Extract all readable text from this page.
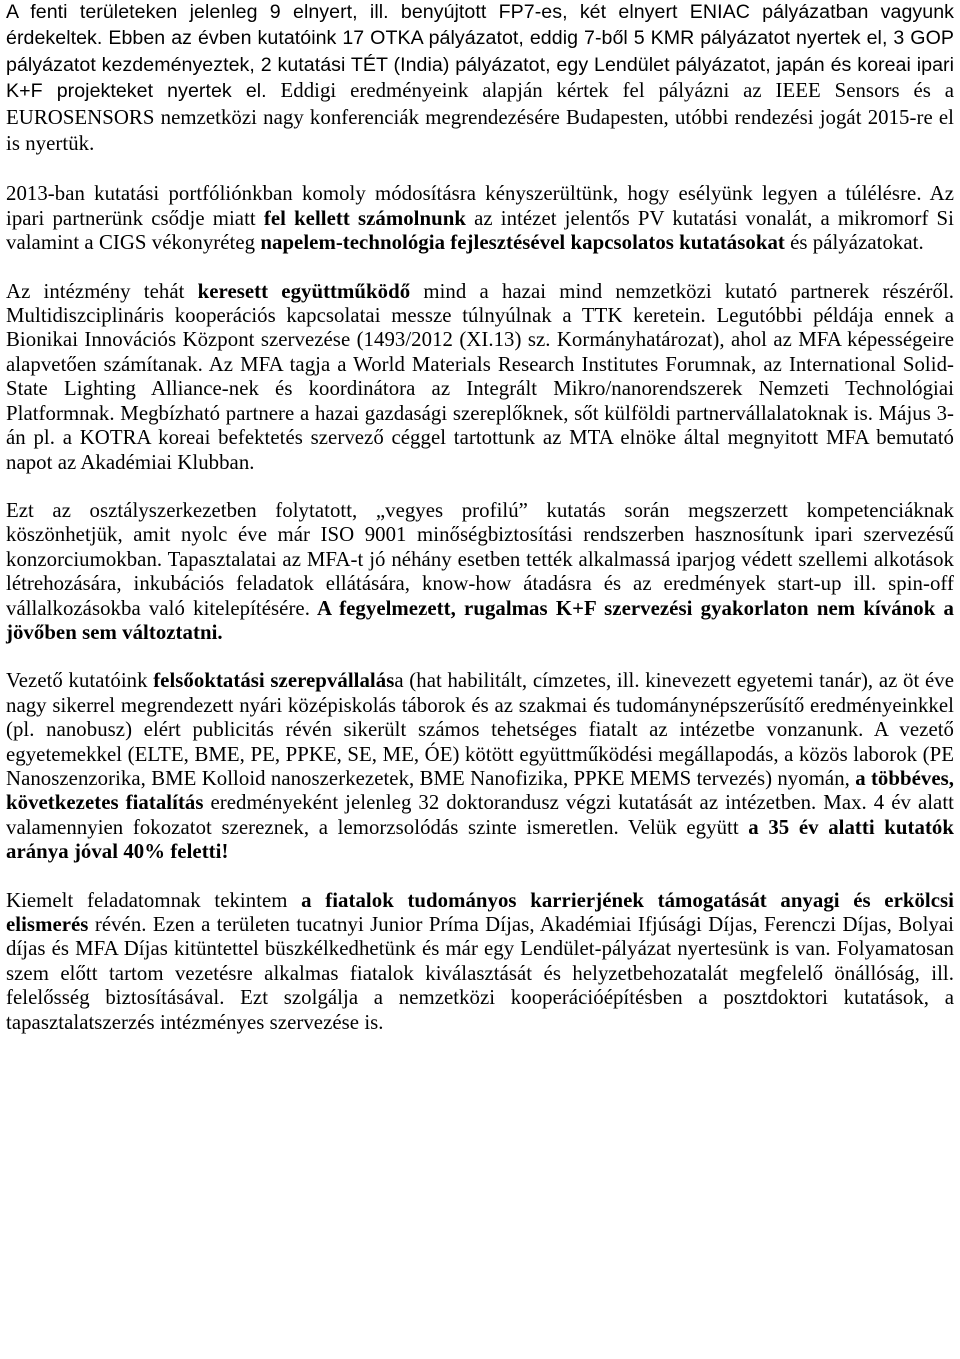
A fenti területeken jelenleg 9 elnyert, ill. benyújtott FP7-es, két elnyert ENIAC pályázatban vagyunk érdekeltek. Ebben az évben kutatóink 17 OTKA pályázatot, eddig 7-ből 5 KMR pályázatot nyertek el, 3 GOP pályázatot kezdeményeztek, 2 kutatási TÉT (India) pályázatot, egy Lendület pályázatot, japán és koreai ipari K+F projekteket nyertek el. Eddigi eredményeink alapján kértek fel pályázni az IEEE Sensors és a EUROSENSORS nemzetközi nagy konferenciák megrendezésére Budapesten, utóbbi rendezési jogát 2015-re el is nyertük.

2013-ban kutatási portfóliónkban komoly módosításra kényszerültünk, hogy esélyünk legyen a túlélésre. Az ipari partnerünk csődje miatt fel kellett számolnunk az intézet jelentős PV kutatási vonalát, a mikromorf Si valamint a CIGS vékonyréteg napelem-technológia fejlesztésével kapcsolatos kutatásokat és pályázatokat.

Az intézmény tehát keresett együttműködő mind a hazai mind nemzetközi kutató partnerek részéről. Multidiszciplináris kooperációs kapcsolatai messze túlnyúlnak a TTK keretein. Legutóbbi példája ennek a Bionikai Innovációs Központ szervezése (1493/2012 (XI.13) sz. Kormányhatározat), ahol az MFA képességeire alapvetően számítanak. Az MFA tagja a World Materials Research Institutes Forumnak, az International Solid-State Lighting Alliance-nek és koordinátora az Integrált Mikro/nanorendszerek Nemzeti Technológiai Platformnak. Megbízható partnere a hazai gazdasági szereplőknek, sőt külföldi partnervállalatoknak is. Május 3-án pl. a KOTRA koreai befektetés szervező céggel tartottunk az MTA elnöke által megnyitott MFA bemutató napot az Akadémiai Klubban.

Ezt az osztályszerkezetben folytatott, „vegyes profilú” kutatás során megszerzett kompetenciáknak köszönhetjük, amit nyolc éve már ISO 9001 minőségbiztosítási rendszerben hasznosítunk ipari szervezésű konzorciumokban. Tapasztalatai az MFA-t jó néhány esetben tették alkalmassá iparjog védett szellemi alkotások létrehozására, inkubációs feladatok ellátására, know-how átadásra és az eredmények start-up ill. spin-off vállalkozásokba való kitelepítésére. A fegyelmezett, rugalmas K+F szervezési gyakorlaton nem kívánok a jövőben sem változtatni.

Vezető kutatóink felsőoktatási szerepvállalása (hat habilitált, címzetes, ill. kinevezett egyetemi tanár), az öt éve nagy sikerrel megrendezett nyári középiskolás táborok és az szakmai és tudománynépszerűsítő eredményeinkkel (pl. nanobusz) elért publicitás révén sikerült számos tehetséges fiatalt az intézetbe vonzanunk. A vezető egyetemekkel (ELTE, BME, PE, PPKE, SE, ME, ÓE) kötött együttműködési megállapodás, a közös laborok (PE Nanoszenzorika, BME Kolloid nanoszerkezetek, BME Nanofizika, PPKE MEMS tervezés) nyomán, a többéves, következetes fiatalítás eredményeként jelenleg 32 doktorandusz végzi kutatását az intézetben. Max. 4 év alatt valamennyien fokozatot szereznek, a lemorzsolódás szinte ismeretlen. Velük együtt a 35 év alatti kutatók aránya jóval 40% feletti!

Kiemelt feladatomnak tekintem a fiatalok tudományos karrierjének támogatását anyagi és erkölcsi elismerés révén. Ezen a területen tucatnyi Junior Príma Díjas, Akadémiai Ifjúsági Díjas, Ferenczi Díjas, Bolyai díjas és MFA Díjas kitüntettel büszkélkedhetünk és már egy Lendület-pályázat nyertesünk is van. Folyamatosan szem előtt tartom vezetésre alkalmas fiatalok kiválasztását és helyzetbehozatalát megfelelő önállóság, ill. felelősség biztosításával. Ezt szolgálja a nemzetközi kooperációépítésben a posztdoktori kutatások, a tapasztalatszerzés intézményes szervezése is.
